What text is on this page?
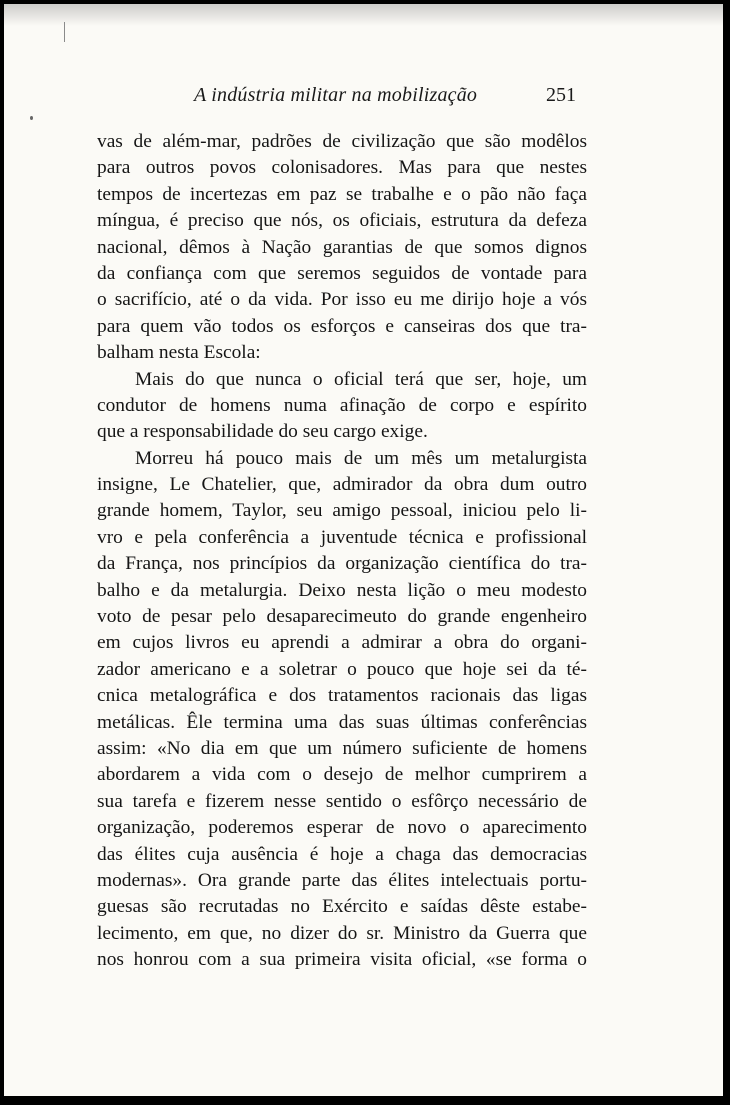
A indústria militar na mobilização	251
vas de além-mar, padrões de civilização que são modêlos
para outros povos colonisadores. Mas para que nestes
tempos de incertezas em paz se trabalhe e o pão não faça
míngua, é preciso que nós, os oficiais, estrutura da defeza
nacional, dêmos à Nação garantias de que somos dignos
da confiança com que seremos seguidos de vontade para
o sacrifício, até o da vida. Por isso eu me dirijo hoje a vós
para quem vão todos os esforços e canseiras dos que tra-
balham nesta Escola:
Mais do que nunca o oficial terá que ser, hoje, um
condutor de homens numa afinação de corpo e espírito
que a responsabilidade do seu cargo exige.
Morreu há pouco mais de um mês um metalurgista
insigne, Le Chatelier, que, admirador da obra dum outro
grande homem, Taylor, seu amigo pessoal, iniciou pelo li-
vro e pela conferência a juventude técnica e profissional
da França, nos princípios da organização científica do tra-
balho e da metalurgia. Deixo nesta lição o meu modesto
voto de pesar pelo desaparecimeuto do grande engenheiro
em cujos livros eu aprendi a admirar a obra do organi-
zador americano e a soletrar o pouco que hoje sei da té-
cnica metalográfica e dos tratamentos racionais das ligas
metálicas. Êle termina uma das suas últimas conferências
assim: «No dia em que um número suficiente de homens
abordarem a vida com o desejo de melhor cumprirem a
sua tarefa e fizerem nesse sentido o esfôrço necessário de
organização, poderemos esperar de novo o aparecimento
das élites cuja ausência é hoje a chaga das democracias
modernas». Ora grande parte das élites intelectuais portu-
guesas são recrutadas no Exército e saídas dêste estabe-
lecimento, em que, no dizer do sr. Ministro da Guerra que
nos honrou com a sua primeira visita oficial, «se forma o
